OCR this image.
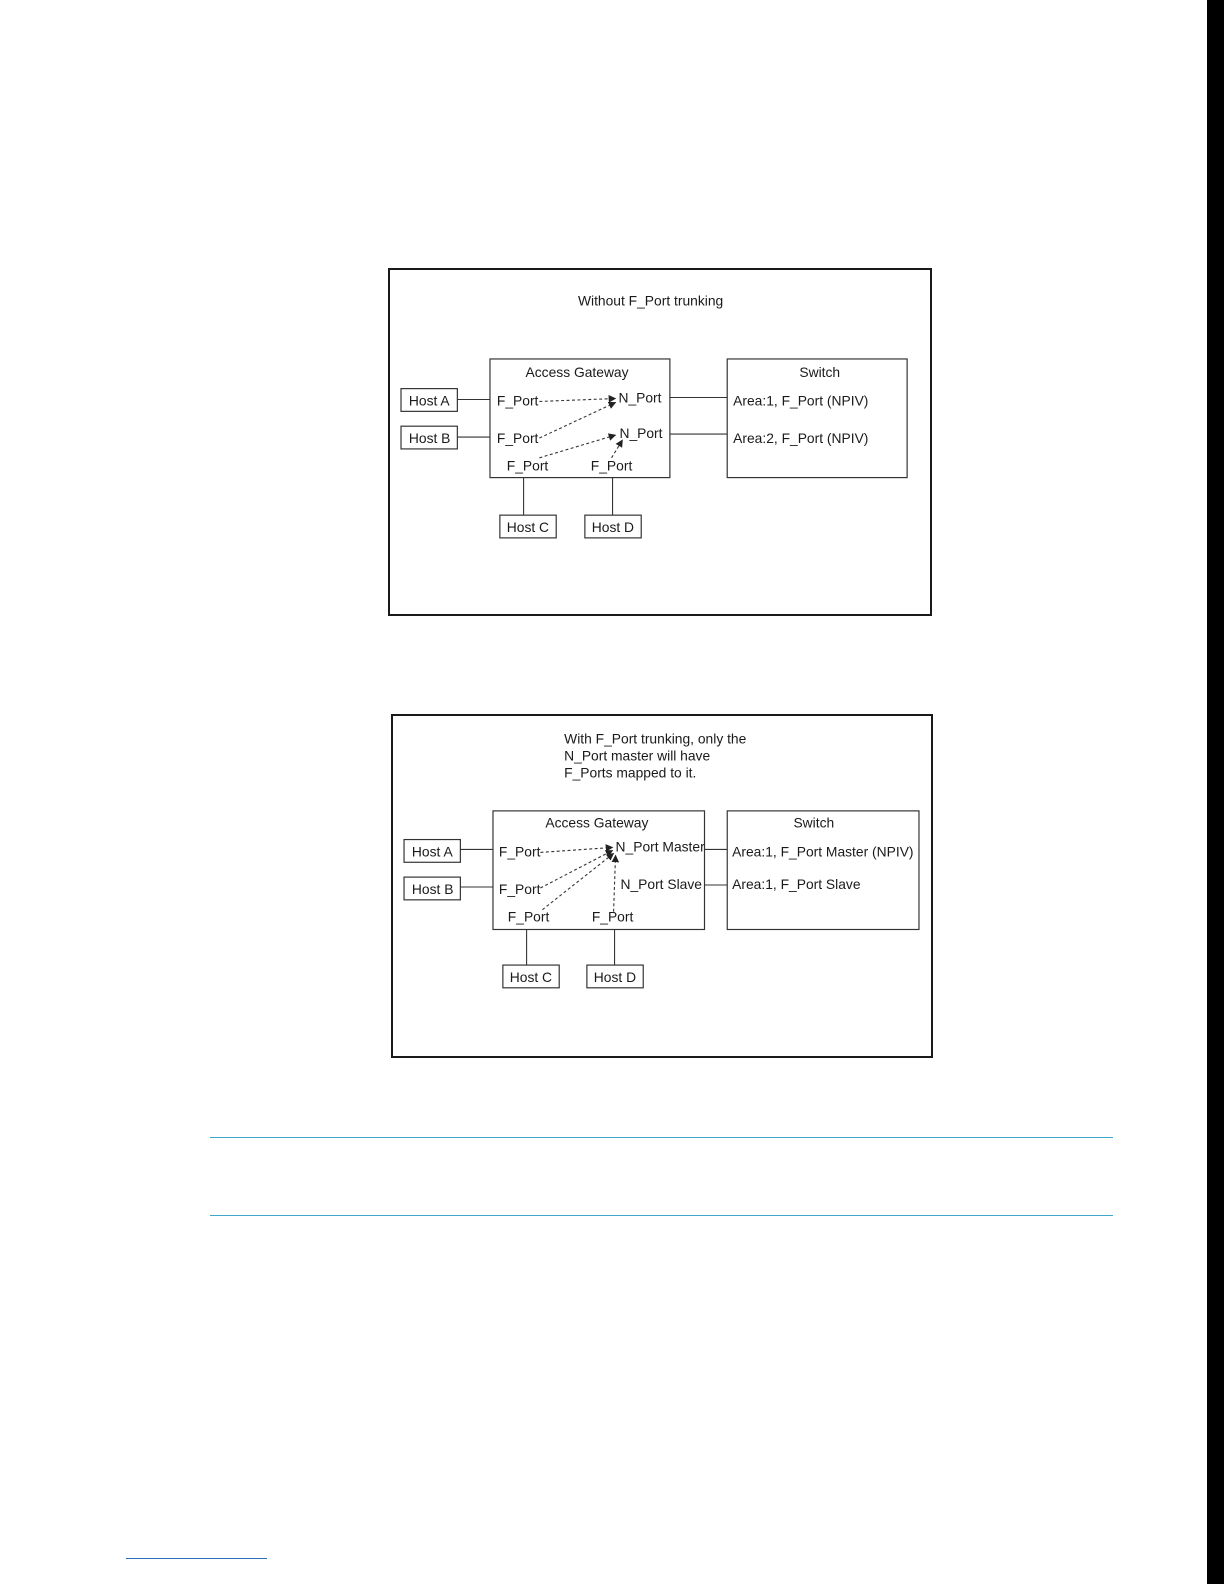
Without F_Port trunking
Access Gateway	Switch
Area:1, F_Port (NPIV)
Area:2, F_Port (NPIV)
F_Port
F_Port
F_Port	F_Port
N_Port
N_Port
Host A
Host B
Host C	Host D
With F_Port trunking, only the
N_Port master will have
F_Ports mapped to it.
Access Gateway	Switch
Area:1, F_Port Master (NPIV)
Area:1, F_Port Slave
F_Port
F_Port
F_Port	F_Port
N_Port Master
N_Port Slave
Host A
Host B
Host C	Host D
